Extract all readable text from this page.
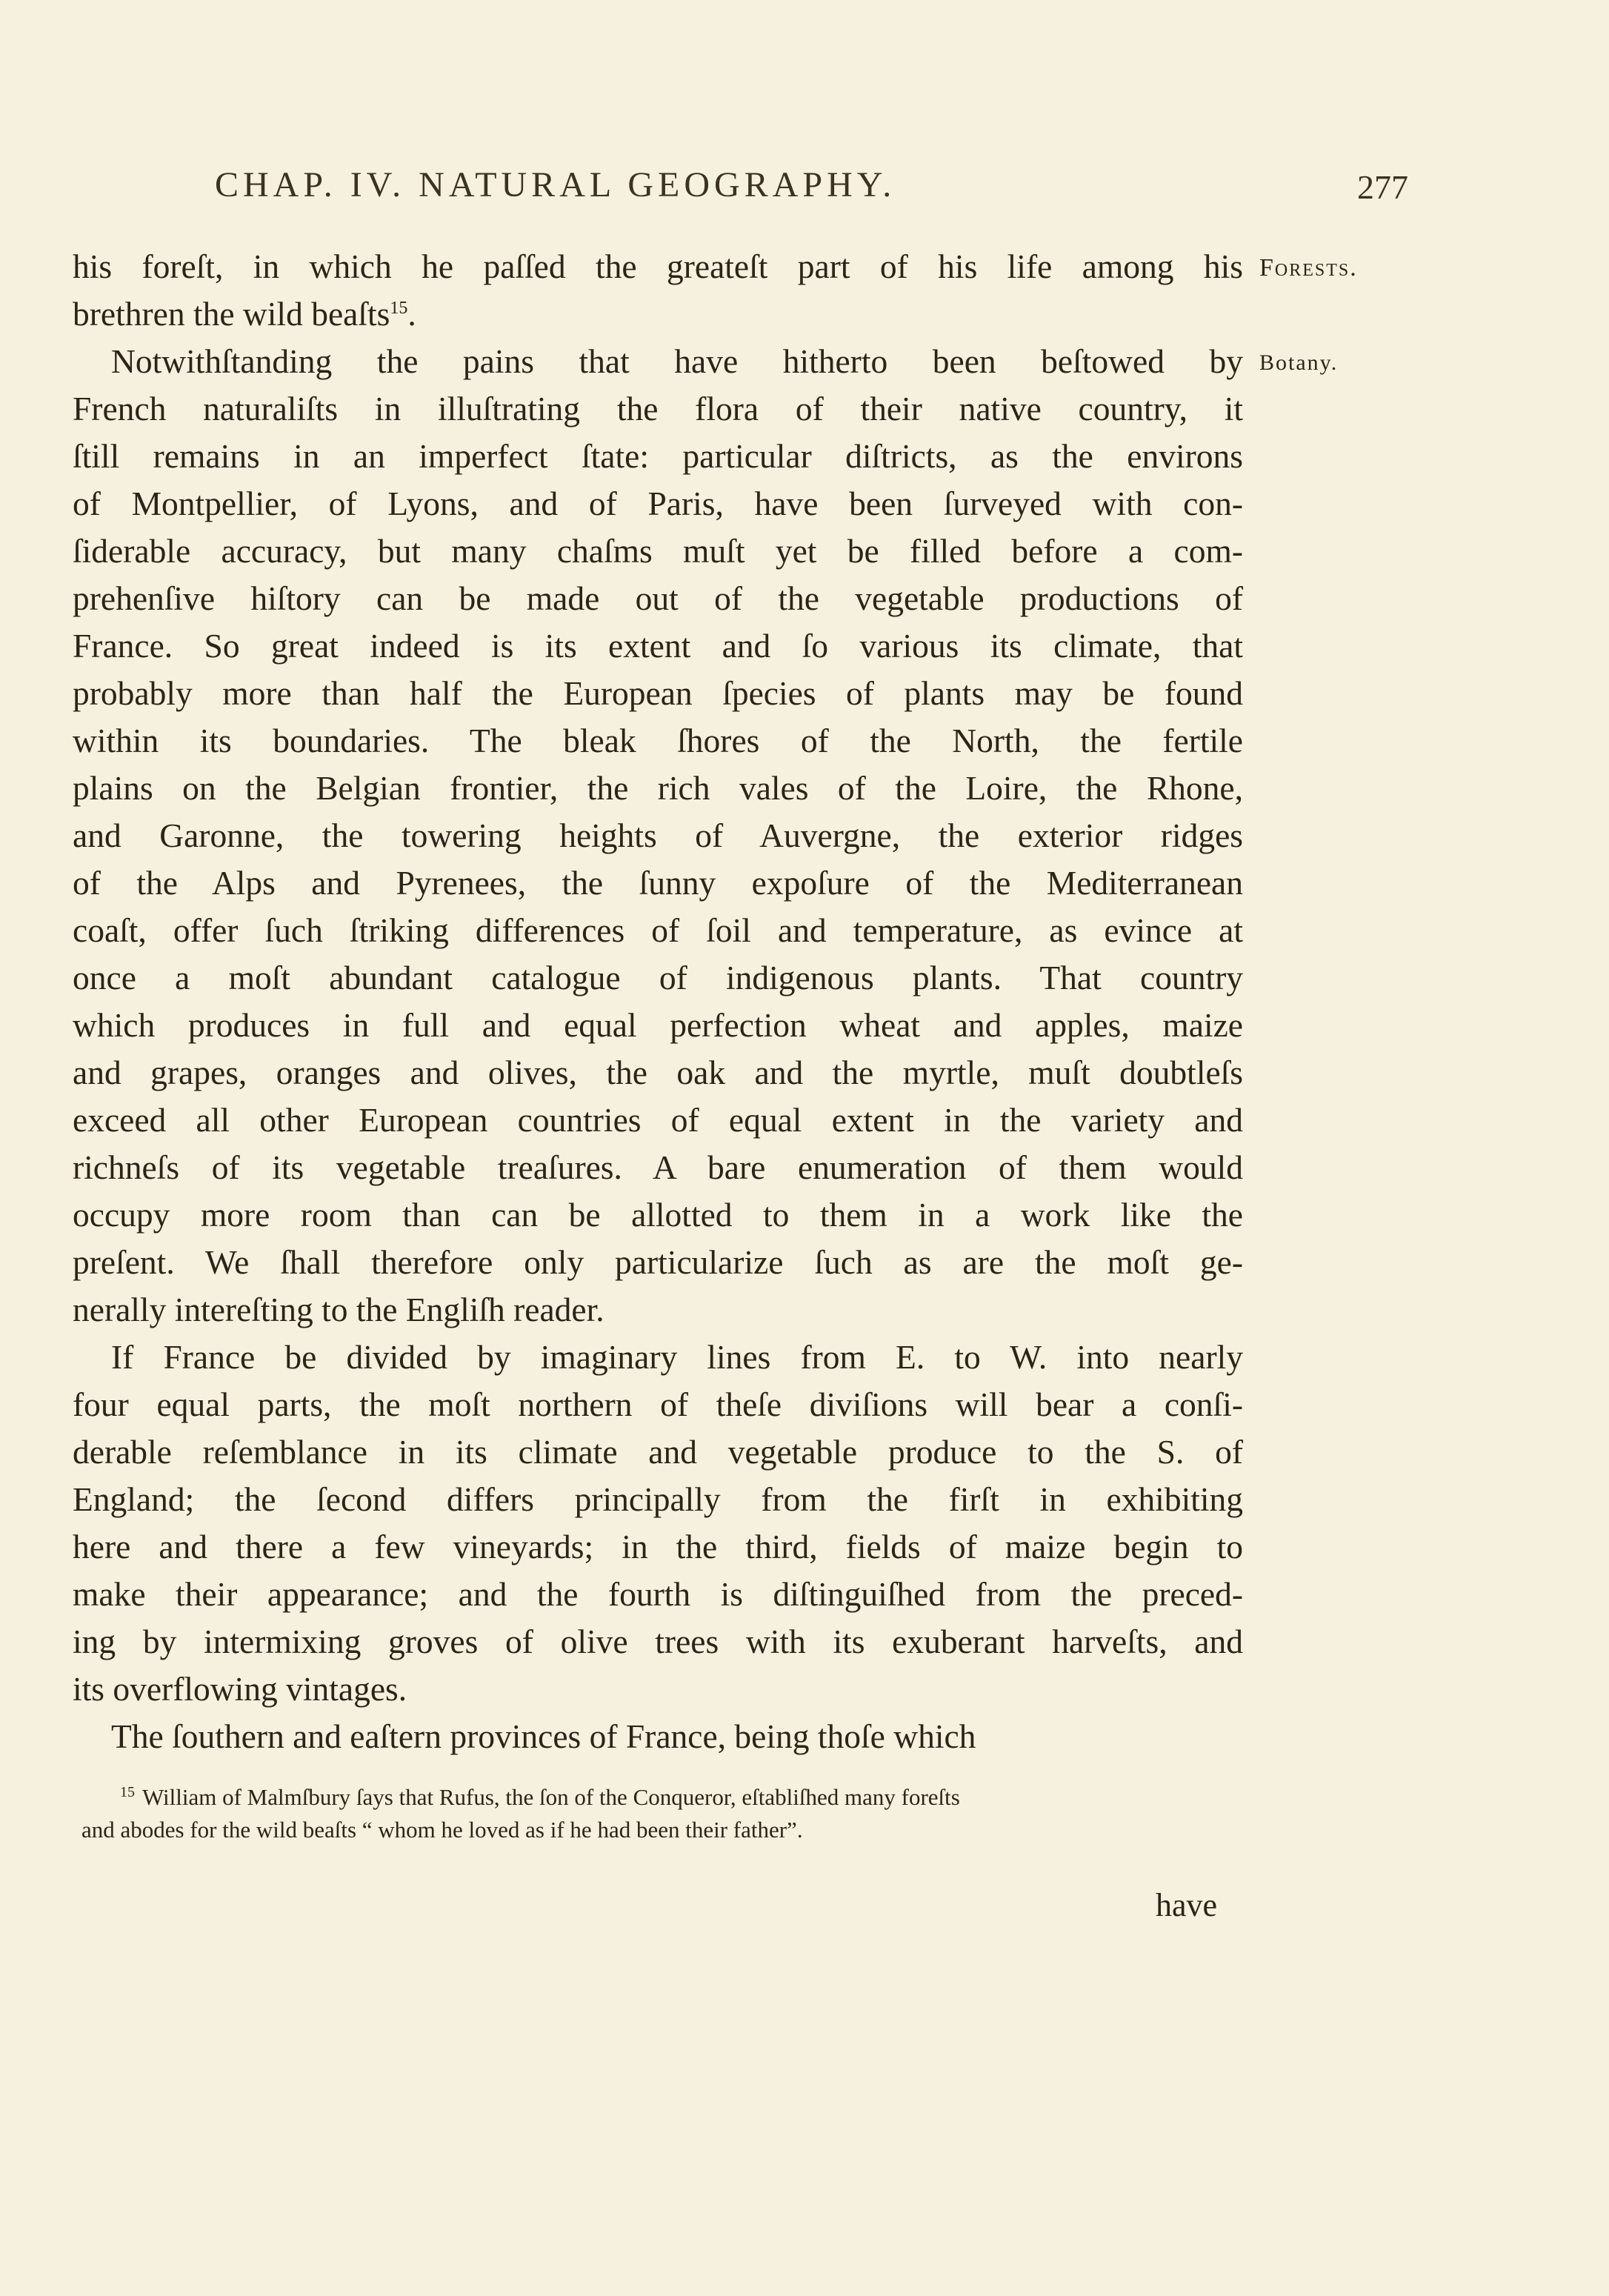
CHAP. IV. NATURAL GEOGRAPHY.	277
Forests.
Botany.
his foreſt, in which he paſſed the greateſt part of his life among his
brethren the wild beaſts$^{15}$.
Notwithſtanding the pains that have hitherto been beſtowed by
French naturaliſts in illuſtrating the flora of their native country, it
ſtill remains in an imperfect ſtate: particular diſtricts, as the environs
of Montpellier, of Lyons, and of Paris, have been ſurveyed with con-
ſiderable accuracy, but many chaſms muſt yet be filled before a com-
prehenſive hiſtory can be made out of the vegetable productions of
France. So great indeed is its extent and ſo various its climate, that
probably more than half the European ſpecies of plants may be found
within its boundaries. The bleak ſhores of the North, the fertile
plains on the Belgian frontier, the rich vales of the Loire, the Rhone,
and Garonne, the towering heights of Auvergne, the exterior ridges
of the Alps and Pyrenees, the ſunny expoſure of the Mediterranean
coaſt, offer ſuch ſtriking differences of ſoil and temperature, as evince at
once a moſt abundant catalogue of indigenous plants. That country
which produces in full and equal perfection wheat and apples, maize
and grapes, oranges and olives, the oak and the myrtle, muſt doubtleſs
exceed all other European countries of equal extent in the variety and
richneſs of its vegetable treaſures. A bare enumeration of them would
occupy more room than can be allotted to them in a work like the
preſent. We ſhall therefore only particularize ſuch as are the moſt ge-
nerally intereſting to the Engliſh reader.
If France be divided by imaginary lines from E. to W. into nearly
four equal parts, the moſt northern of theſe diviſions will bear a conſi-
derable reſemblance in its climate and vegetable produce to the S. of
England; the ſecond differs principally from the firſt in exhibiting
here and there a few vineyards; in the third, fields of maize begin to
make their appearance; and the fourth is diſtinguiſhed from the preced-
ing by intermixing groves of olive trees with its exuberant harveſts, and
its overflowing vintages.
The ſouthern and eaſtern provinces of France, being thoſe which
$^{15}$ William of Malmſbury ſays that Rufus, the ſon of the Conqueror, eſtabliſhed many foreſts
and abodes for the wild beaſts “ whom he loved as if he had been their father”.
have
